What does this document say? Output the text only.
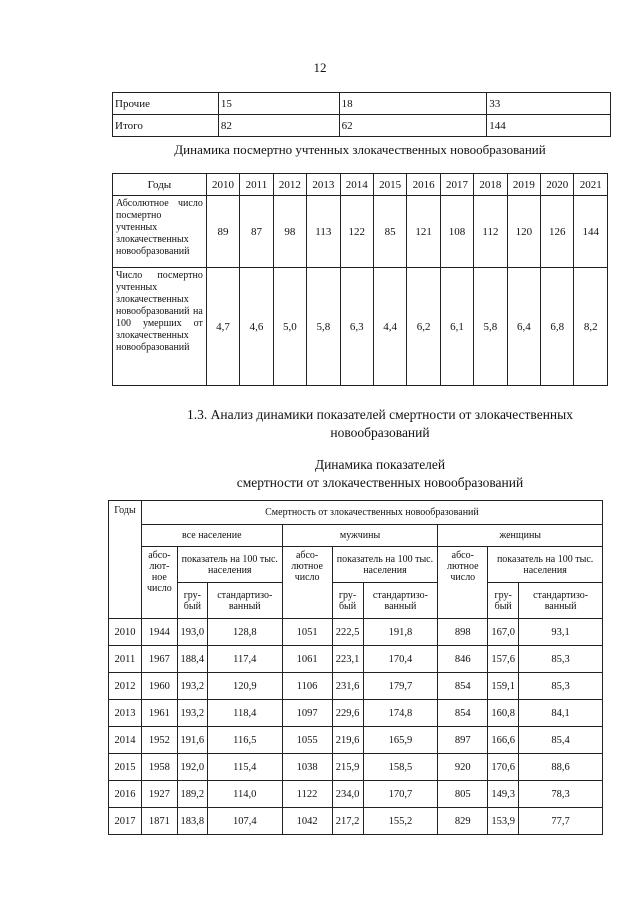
12
Прочие	15	18	33
Итого	82	62	144
Динамика посмертно учтенных злокачественных новообразований
Годы	2010	2011	2012	2013	2014	2015	2016	2017	2018	2019	2020	2021
Абсолютное число посмертно учтенных злокачественных новообразований	89	87	98	113	122	85	121	108	112	120	126	144
Число посмертно учтенных злокачественных новообразований на 100 умерших от злокачественных новообразований	4,7	4,6	5,0	5,8	6,3	4,4	6,2	6,1	5,8	6,4	6,8	8,2
1.3. Анализ динамики показателей смертности от злокачественных
новообразований
Динамика показателей
смертности от злокачественных новообразований
Годы	Смертность от злокачественных новообразований								
	все население			мужчины			женщины		
	абсо-лют-ное число	показатель на 100 тыс. населения		абсо-лютное число	показатель на 100 тыс. населения		абсо-лютное число	показатель на 100 тыс. населения	
		гру-бый	стандартизо-ванный		гру-бый	стандартизо-ванный		гру-бый	стандартизо-ванный
2010	1944	193,0	128,8	1051	222,5	191,8	898	167,0	93,1
2011	1967	188,4	117,4	1061	223,1	170,4	846	157,6	85,3
2012	1960	193,2	120,9	1106	231,6	179,7	854	159,1	85,3
2013	1961	193,2	118,4	1097	229,6	174,8	854	160,8	84,1
2014	1952	191,6	116,5	1055	219,6	165,9	897	166,6	85,4
2015	1958	192,0	115,4	1038	215,9	158,5	920	170,6	88,6
2016	1927	189,2	114,0	1122	234,0	170,7	805	149,3	78,3
2017	1871	183,8	107,4	1042	217,2	155,2	829	153,9	77,7
